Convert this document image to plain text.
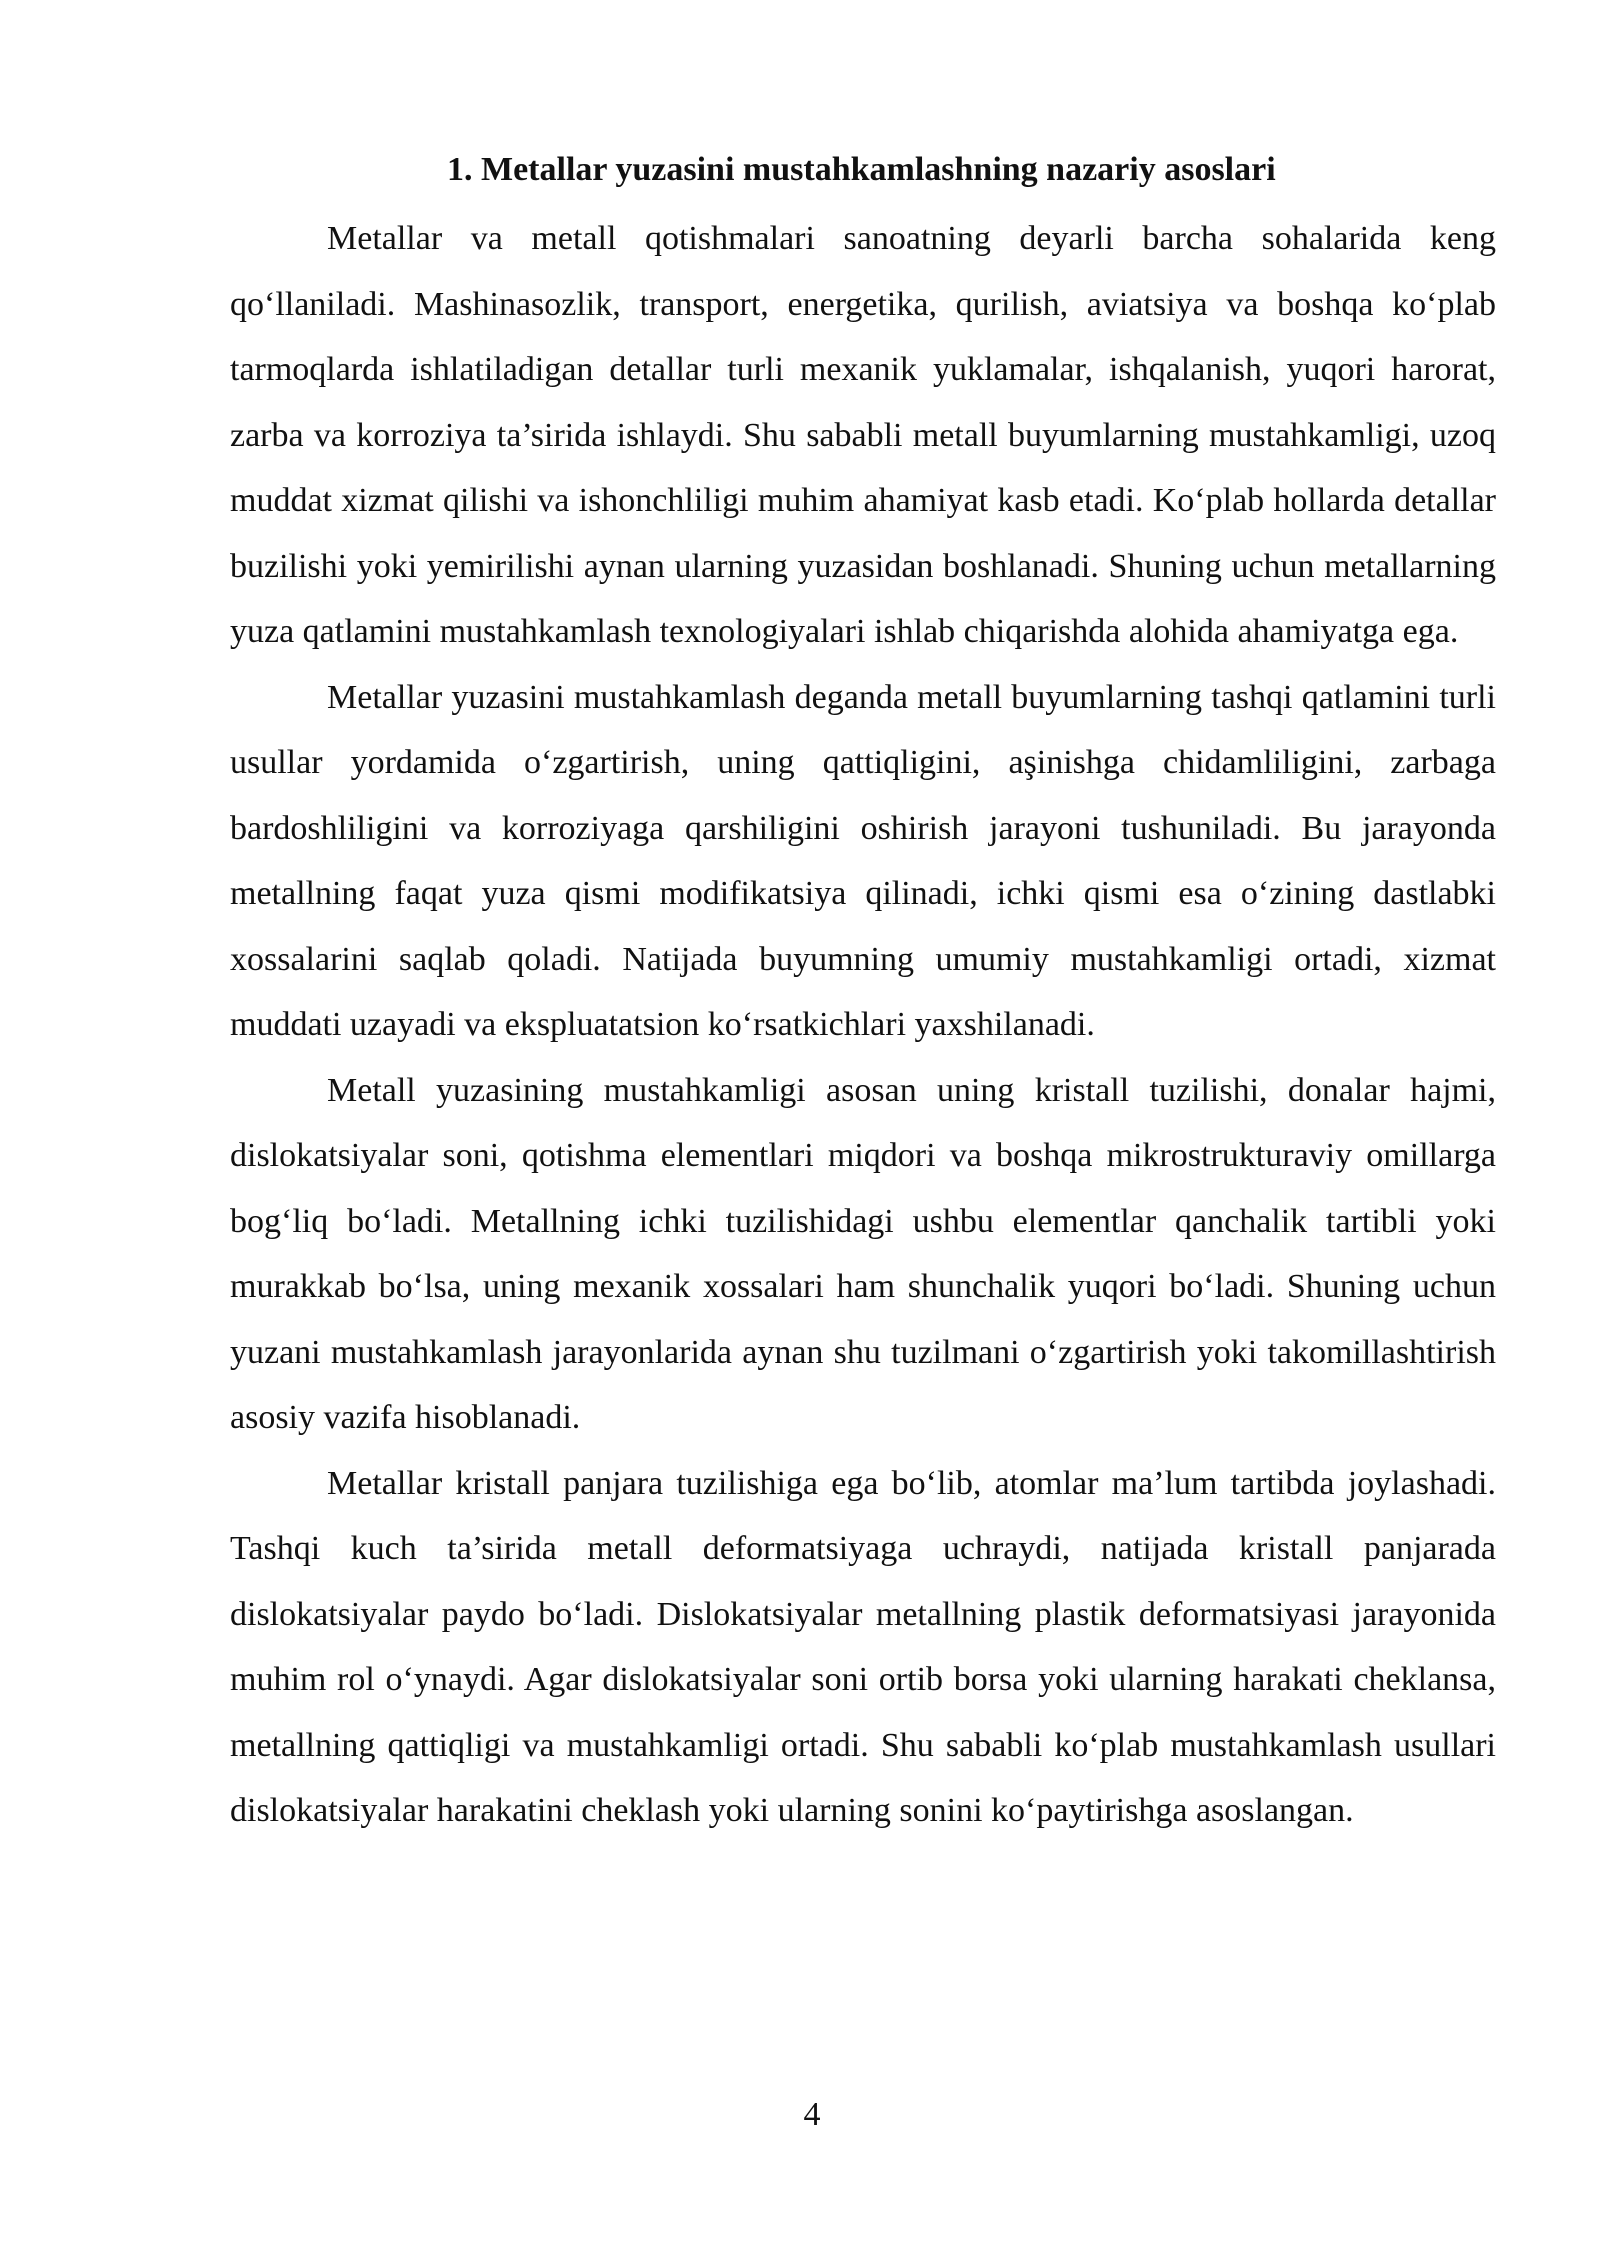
1. Metallar yuzasini mustahkamlashning nazariy asoslari

Metallar va metall qotishmalari sanoatning deyarli barcha sohalarida keng qo‘llaniladi. Mashinasozlik, transport, energetika, qurilish, aviatsiya va boshqa ko‘plab tarmoqlarda ishlatiladigan detallar turli mexanik yuklamalar, ishqalanish, yuqori harorat, zarba va korroziya ta’sirida ishlaydi. Shu sababli metall buyumlarning mustahkamligi, uzoq muddat xizmat qilishi va ishonchliligi muhim ahamiyat kasb etadi. Ko‘plab hollarda detallar buzilishi yoki yemirilishi aynan ularning yuzasidan boshlanadi. Shuning uchun metallarning yuza qatlamini mustahkamlash texnologiyalari ishlab chiqarishda alohida ahamiyatga ega.

Metallar yuzasini mustahkamlash deganda metall buyumlarning tashqi qatlamini turli usullar yordamida o‘zgartirish, uning qattiqligini, aşinishga chidamliligini, zarbaga bardoshliligini va korroziyaga qarshiligini oshirish jarayoni tushuniladi. Bu jarayonda metallning faqat yuza qismi modifikatsiya qilinadi, ichki qismi esa o‘zining dastlabki xossalarini saqlab qoladi. Natijada buyumning umumiy mustahkamligi ortadi, xizmat muddati uzayadi va ekspluatatsion ko‘rsatkichlari yaxshilanadi.

Metall yuzasining mustahkamligi asosan uning kristall tuzilishi, donalar hajmi, dislokatsiyalar soni, qotishma elementlari miqdori va boshqa mikrostrukturaviy omillarga bog‘liq bo‘ladi. Metallning ichki tuzilishidagi ushbu elementlar qanchalik tartibli yoki murakkab bo‘lsa, uning mexanik xossalari ham shunchalik yuqori bo‘ladi. Shuning uchun yuzani mustahkamlash jarayonlarida aynan shu tuzilmani o‘zgartirish yoki takomillashtirish asosiy vazifa hisoblanadi.

Metallar kristall panjara tuzilishiga ega bo‘lib, atomlar ma’lum tartibda joylashadi. Tashqi kuch ta’sirida metall deformatsiyaga uchraydi, natijada kristall panjarada dislokatsiyalar paydo bo‘ladi. Dislokatsiyalar metallning plastik deformatsiyasi jarayonida muhim rol o‘ynaydi. Agar dislokatsiyalar soni ortib borsa yoki ularning harakati cheklansa, metallning qattiqligi va mustahkamligi ortadi. Shu sababli ko‘plab mustahkamlash usullari dislokatsiyalar harakatini cheklash yoki ularning sonini ko‘paytirishga asoslangan.

4
